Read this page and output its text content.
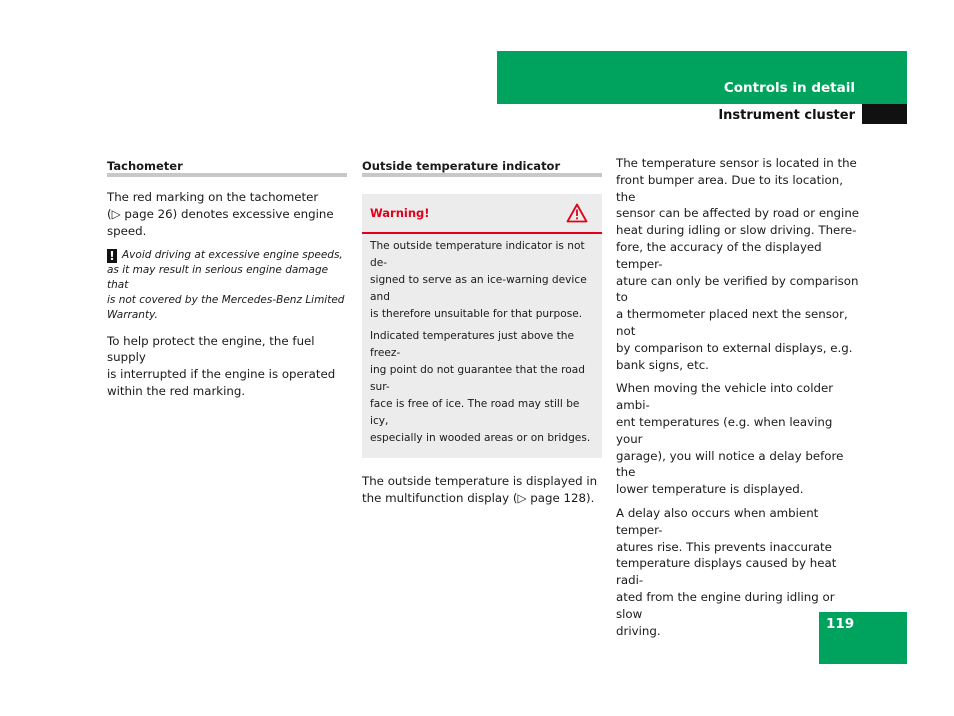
Controls in detail
Instrument cluster
Tachometer

The red marking on the tachometer
(▷ page 26) denotes excessive engine
speed.

! Avoid driving at excessive engine speeds,
as it may result in serious engine damage that
is not covered by the Mercedes-Benz Limited
Warranty.

To help protect the engine, the fuel supply
is interrupted if the engine is operated
within the red marking.

Outside temperature indicator
Warning!

The outside temperature indicator is not de-
signed to serve as an ice-warning device and
is therefore unsuitable for that purpose.

Indicated temperatures just above the freez-
ing point do not guarantee that the road sur-
face is free of ice. The road may still be icy,
especially in wooded areas or on bridges.

The outside temperature is displayed in
the multifunction display (▷ page 128).

The temperature sensor is located in the
front bumper area. Due to its location, the
sensor can be affected by road or engine
heat during idling or slow driving. There-
fore, the accuracy of the displayed temper-
ature can only be verified by comparison to
a thermometer placed next the sensor, not
by comparison to external displays, e.g.
bank signs, etc.

When moving the vehicle into colder ambi-
ent temperatures (e.g. when leaving your
garage), you will notice a delay before the
lower temperature is displayed.

A delay also occurs when ambient temper-
atures rise. This prevents inaccurate
temperature displays caused by heat radi-
ated from the engine during idling or slow
driving.	119
